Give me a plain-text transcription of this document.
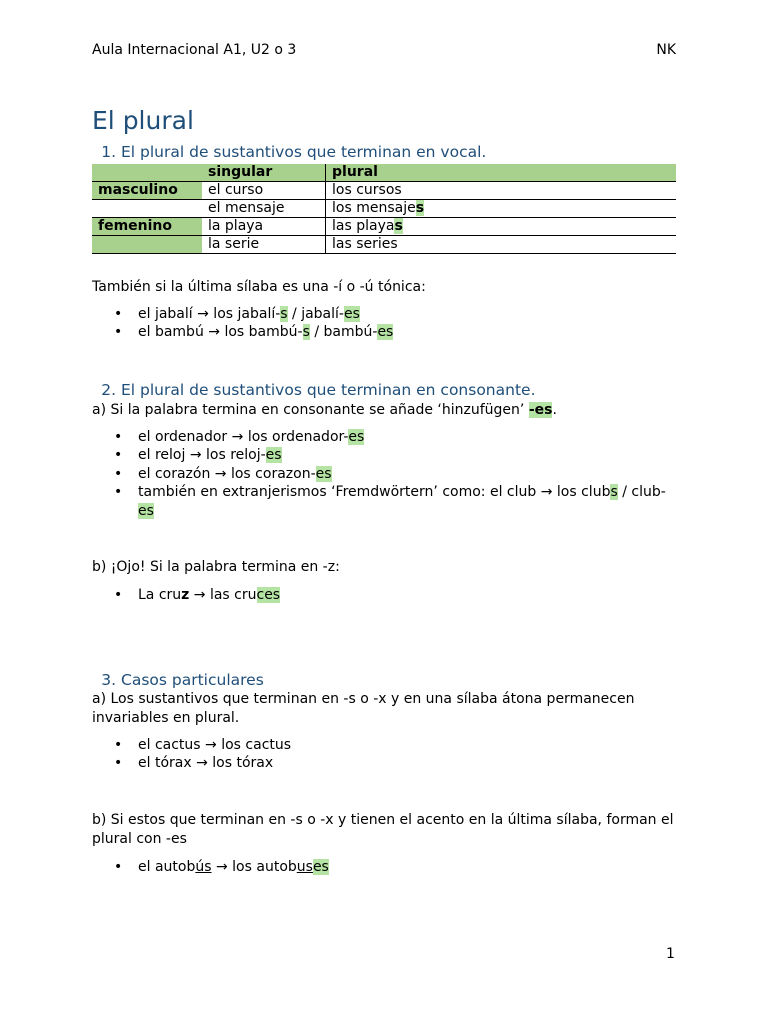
Aula Internacional A1, U2 o 3	NK
El plural
1. El plural de sustantivos que terminan en vocal.
	singular	plural
masculino	el curso	los cursos
	el mensaje	los mensajes
femenino	la playa	las playas
	la serie	las series

También si la última sílaba es una -í o -ú tónica:

• el jabalí → los jabalí-s / jabalí-es
• el bambú → los bambú-s / bambú-es
2. El plural de sustantivos que terminan en consonante.

a) Si la palabra termina en consonante se añade ‘hinzufügen’ -es.

• el ordenador → los ordenador-es
• el reloj → los reloj-es
• el corazón → los corazon-es
• también en extranjerismos ‘Fremdwörtern’ como: el club → los clubs / club-es

b) ¡Ojo! Si la palabra termina en -z:

• La cruz → las cruces
3. Casos particulares

a) Los sustantivos que terminan en -s o -x y en una sílaba átona permanecen invariables en plural.

• el cactus → los cactus
• el tórax → los tórax

b) Si estos que terminan en -s o -x y tienen el acento en la última sílaba, forman el plural con -es

• el autobús → los autobuses
1
